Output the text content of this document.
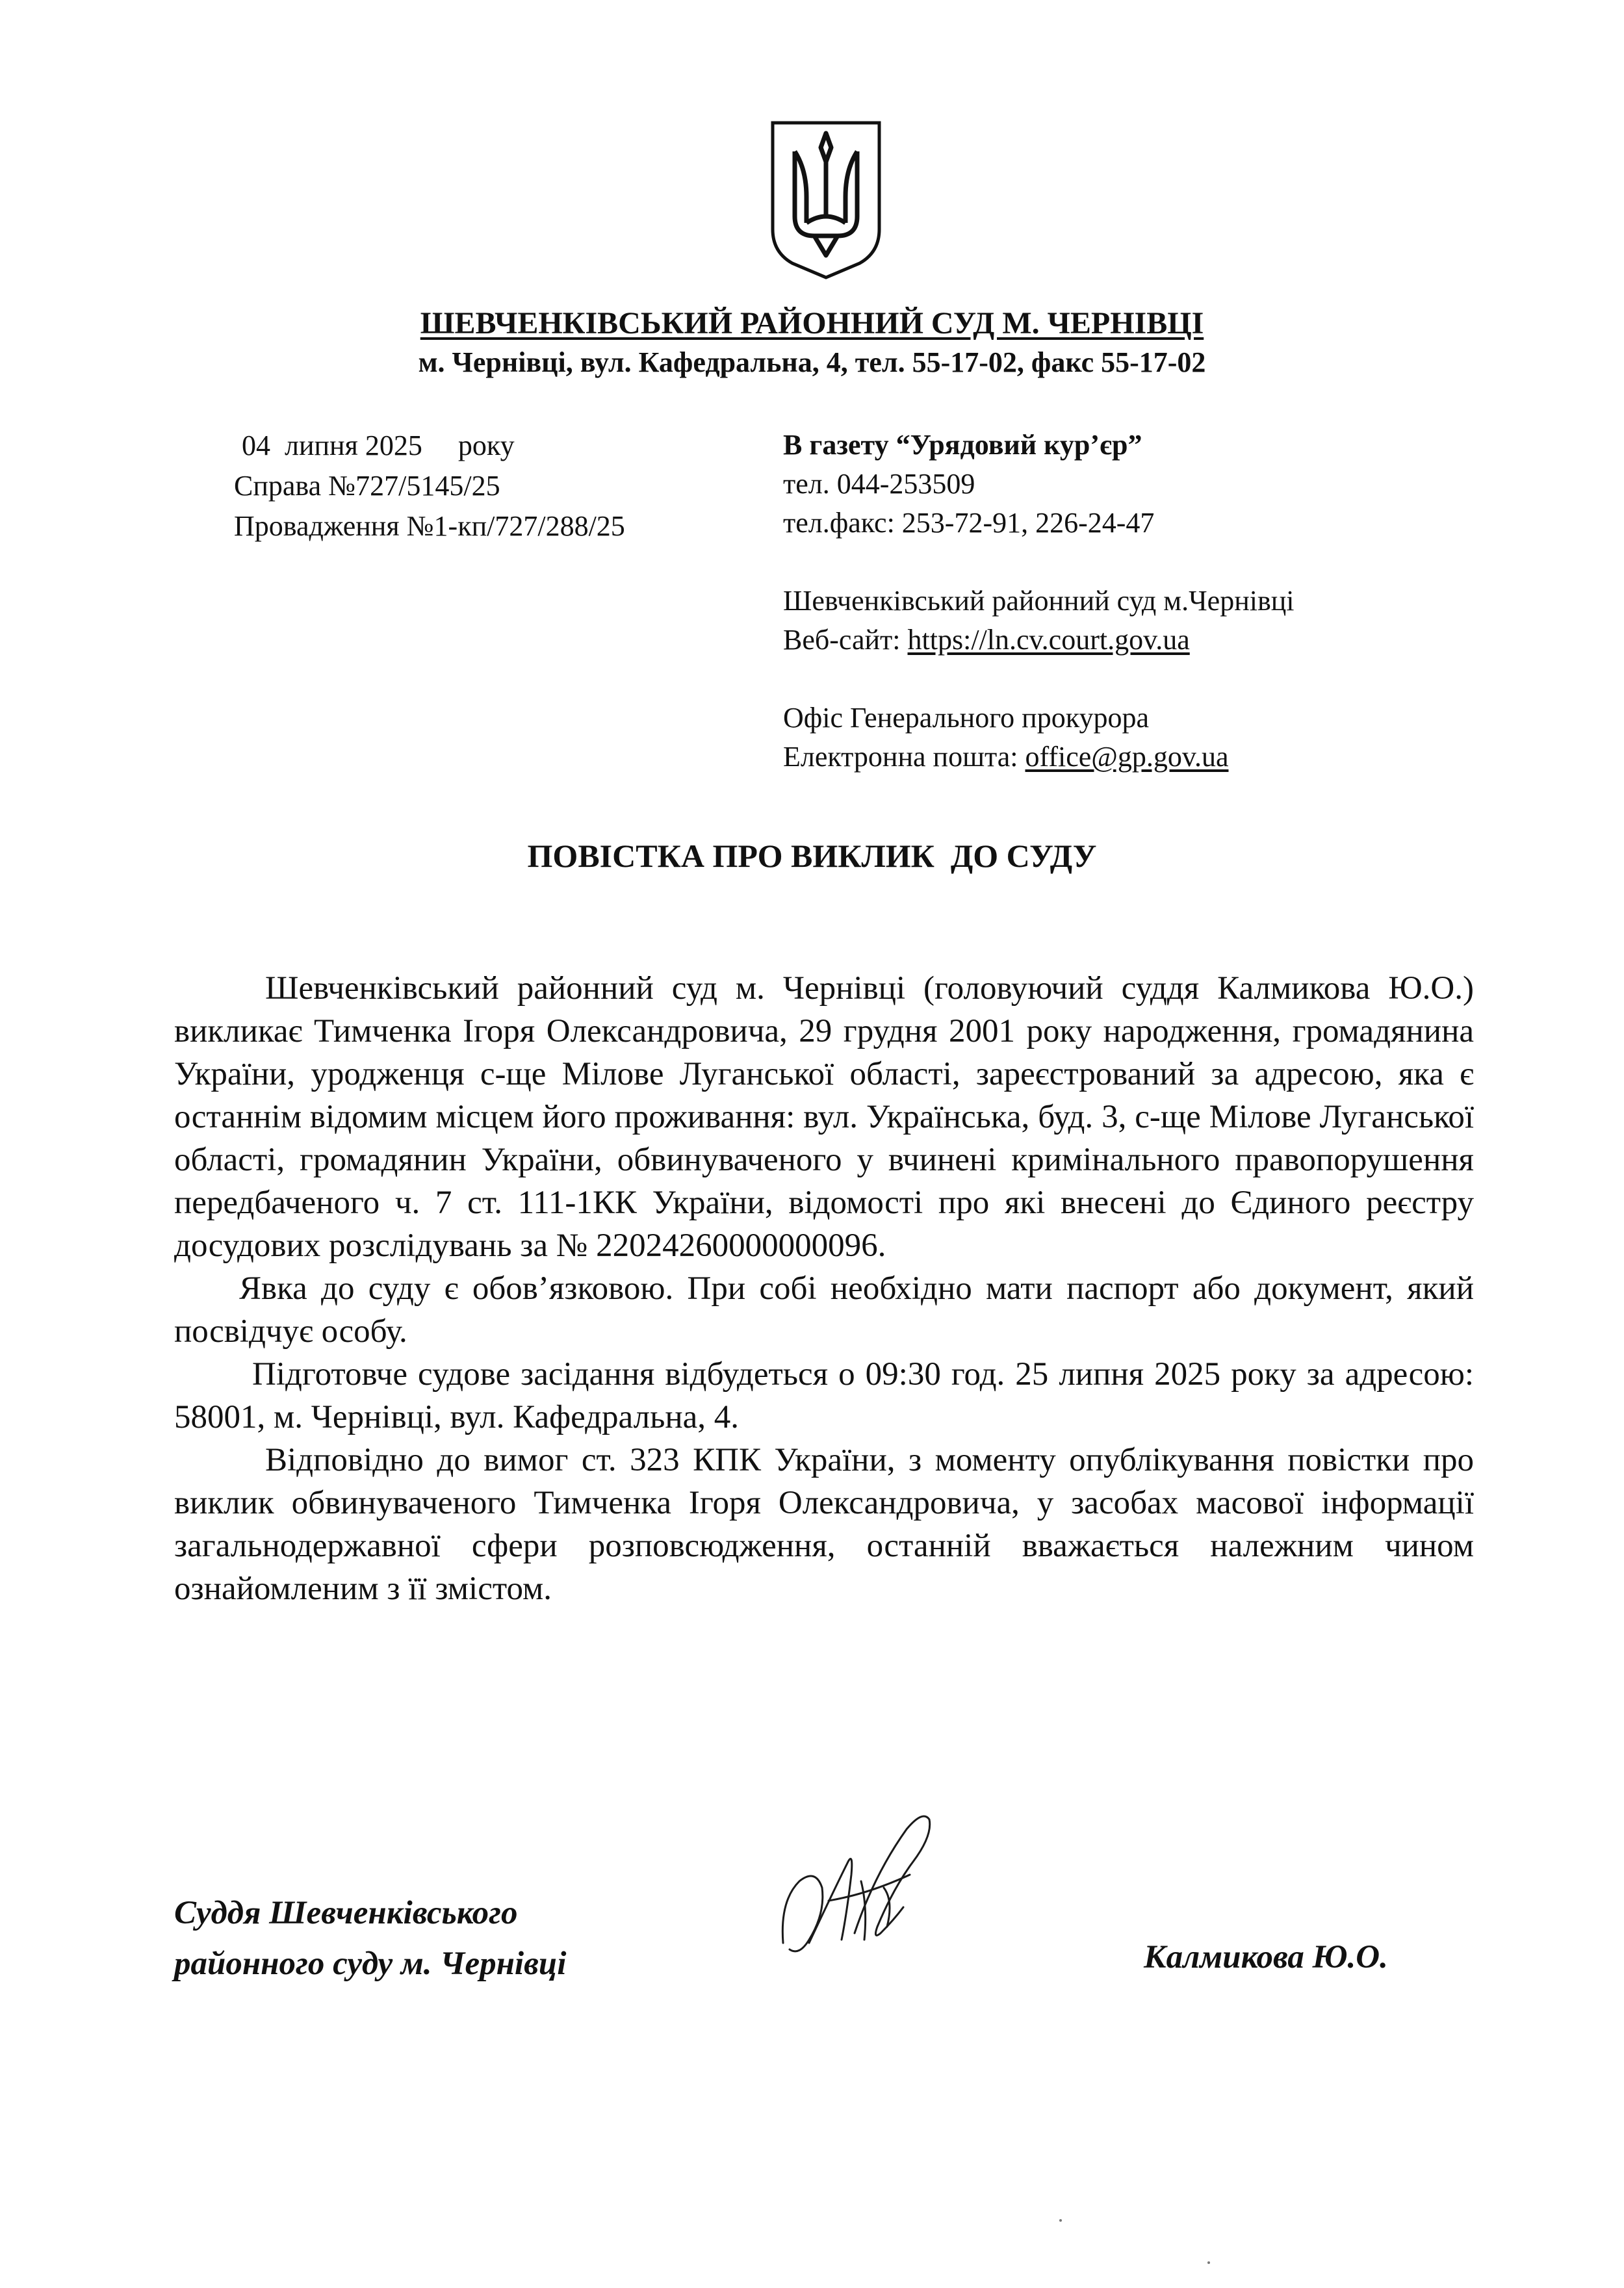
ШЕВЧЕНКІВСЬКИЙ РАЙОННИЙ СУД М. ЧЕРНІВЦІ
м. Чернівці, вул. Кафедральна, 4, тел. 55-17-02, факс 55-17-02
04  липня 2025     року
Справа №727/5145/25
Провадження №1-кп/727/288/25
В газету “Урядовий кур’єр”
тел. 044-253509
тел.факс: 253-72-91, 226-24-47
Шевченківський районний суд м.Чернівці
Веб-сайт: https://ln.cv.court.gov.ua
Офіс Генерального прокурора
Електронна пошта: office@gp.gov.ua
ПОВІСТКА ПРО ВИКЛИК  ДО СУДУ

Шевченківський районний суд м. Чернівці (головуючий суддя Калмикова Ю.О.) викликає Тимченка Ігоря Олександровича, 29 грудня 2001 року народження, громадянина України, уродженця с-ще Мілове Луганської області, зареєстрований за адресою, яка є останнім відомим місцем його проживання: вул. Українська, буд. 3, с-ще Мілове Луганської області, громадянин України, обвинуваченого у вчинені кримінального правопорушення передбаченого ч. 7 ст. 111-1КК України, відомості про які внесені до Єдиного реєстру досудових розслідувань за № 22024260000000096.

Явка до суду є обов’язковою. При собі необхідно мати паспорт або документ, який посвідчує особу.

Підготовче судове засідання відбудеться о 09:30 год. 25 липня 2025 року за адресою: 58001, м. Чернівці, вул. Кафедральна, 4.

Відповідно до вимог ст. 323 КПК України, з моменту опублікування повістки про виклик обвинуваченого Тимченка Ігоря Олександровича, у засобах масової інформації загальнодержавної сфери розповсюдження, останній вважається належним чином ознайомленим з її змістом.

Суддя Шевченківського
районного суду м. Чернівці	Калмикова Ю.О.
